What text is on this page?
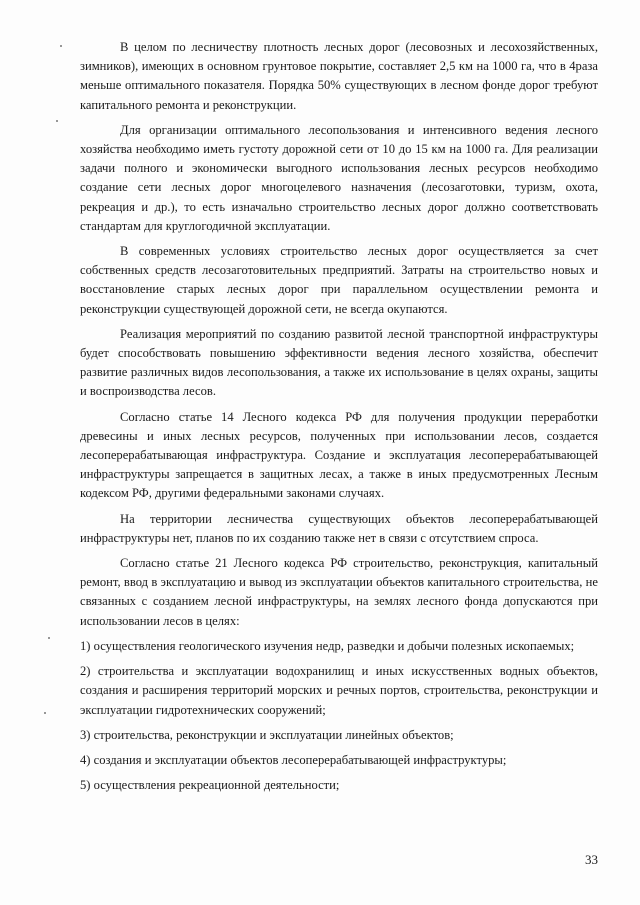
В целом по лесничеству плотность лесных дорог (лесовозных и лесохозяйственных, зимников), имеющих в основном грунтовое покрытие, составляет 2,5 км на 1000 га, что в 4раза меньше оптимального показателя. Порядка 50% существующих в лесном фонде дорог требуют капитального ремонта и реконструкции.

Для организации оптимального лесопользования и интенсивного ведения лесного хозяйства необходимо иметь густоту дорожной сети от 10 до 15 км на 1000 га. Для реализации задачи полного и экономически выгодного использования лесных ресурсов необходимо создание сети лесных дорог многоцелевого назначения (лесозаготовки, туризм, охота, рекреация и др.), то есть изначально строительство лесных дорог должно соответствовать стандартам для круглогодичной эксплуатации.

В современных условиях строительство лесных дорог осуществляется за счет собственных средств лесозаготовительных предприятий. Затраты на строительство новых и восстановление старых лесных дорог при параллельном осуществлении ремонта и реконструкции существующей дорожной сети, не всегда окупаются.

Реализация мероприятий по созданию развитой лесной транспортной инфраструктуры будет способствовать повышению эффективности ведения лесного хозяйства, обеспечит развитие различных видов лесопользования, а также их использование в целях охраны, защиты и воспроизводства лесов.

Согласно статье 14 Лесного кодекса РФ для получения продукции переработки древесины и иных лесных ресурсов, полученных при использовании лесов, создается лесоперерабатывающая инфраструктура. Создание и эксплуатация лесоперерабатывающей инфраструктуры запрещается в защитных лесах, а также в иных предусмотренных Лесным кодексом РФ, другими федеральными законами случаях.

На территории лесничества существующих объектов лесоперерабатывающей инфраструктуры нет, планов по их созданию также нет в связи с отсутствием спроса.

Согласно статье 21 Лесного кодекса РФ строительство, реконструкция, капитальный ремонт, ввод в эксплуатацию и вывод из эксплуатации объектов капитального строительства, не связанных с созданием лесной инфраструктуры, на землях лесного фонда допускаются при использовании лесов в целях:

1) осуществления геологического изучения недр, разведки и добычи полезных ископаемых;

2) строительства и эксплуатации водохранилищ и иных искусственных водных объектов, создания и расширения территорий морских и речных портов, строительства, реконструкции и эксплуатации гидротехнических сооружений;

3) строительства, реконструкции и эксплуатации линейных объектов;

4) создания и эксплуатации объектов лесоперерабатывающей инфраструктуры;

5) осуществления рекреационной деятельности;

33
